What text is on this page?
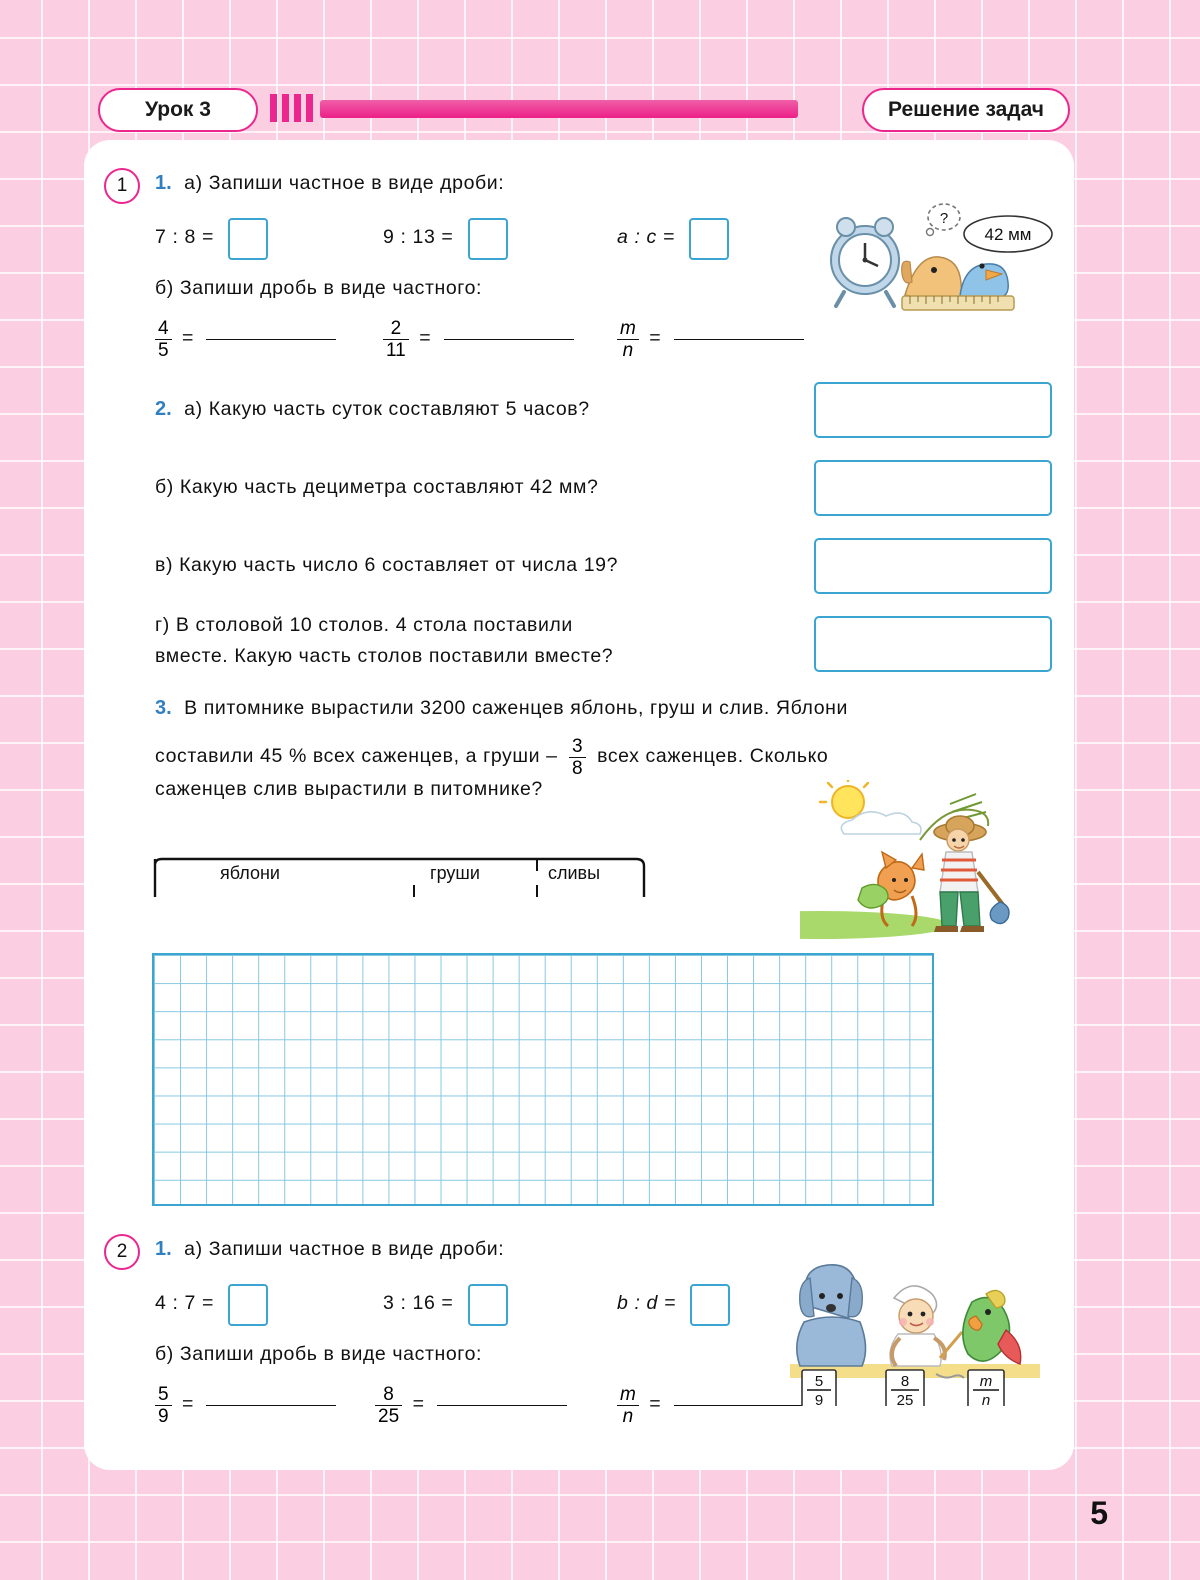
Урок 3	Решение задач
1	1. а) Запиши частное в виде дроби:
7 : 8 =	9 : 13 =	a : c =
б) Запиши дробь в виде частного:
$\frac{4}{5}$ =	$\frac{2}{11}$ =	$\frac{m}{n}$ =
?
42 мм
2. а) Какую часть суток составляют 5 часов?
б) Какую часть дециметра составляют 42 мм?
в) Какую часть число 6 составляет от числа 19?
г) В столовой 10 столов. 4 стола поставили
вместе. Какую часть столов поставили вместе?
3. В питомнике вырастили 3200 саженцев яблонь, груш и слив. Яблони
составили 45 % всех саженцев, а груши – $\frac{3}{8}$ всех саженцев. Сколько
саженцев слив вырастили в питомнике?
яблони	груши	сливы
2	1. а) Запиши частное в виде дроби:
4 : 7 =	3 : 16 =	b : d =
б) Запиши дробь в виде частного:
$\frac{5}{9}$ =	$\frac{8}{25}$ =	$\frac{m}{n}$ =
5
9
8
25
m
n
5
